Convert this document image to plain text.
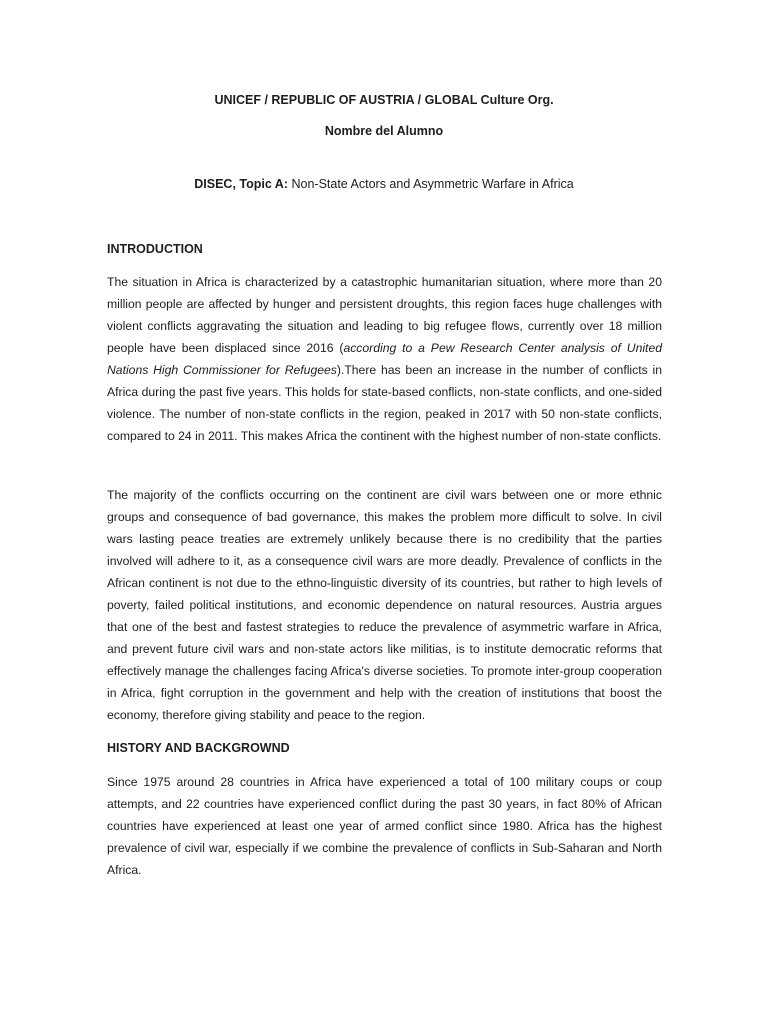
UNICEF / REPUBLIC OF AUSTRIA / GLOBAL Culture Org.
Nombre del Alumno
DISEC, Topic A: Non-State Actors and Asymmetric Warfare in Africa
INTRODUCTION

The situation in Africa is characterized by a catastrophic humanitarian situation, where more than 20 million people are affected by hunger and persistent droughts, this region faces huge challenges with violent conflicts aggravating the situation and leading to big refugee flows, currently over 18 million people have been displaced since 2016 (according to a Pew Research Center analysis of United Nations High Commissioner for Refugees).There has been an increase in the number of conflicts in Africa during the past five years. This holds for state-based conflicts, non-state conflicts, and one-sided violence. The number of non-state conflicts in the region, peaked in 2017 with 50 non-state conflicts, compared to 24 in 2011. This makes Africa the continent with the highest number of non-state conflicts.

The majority of the conflicts occurring on the continent are civil wars between one or more ethnic groups and consequence of bad governance, this makes the problem more difficult to solve. In civil wars lasting peace treaties are extremely unlikely because there is no credibility that the parties involved will adhere to it, as a consequence civil wars are more deadly. Prevalence of conflicts in the African continent is not due to the ethno-linguistic diversity of its countries, but rather to high levels of poverty, failed political institutions, and economic dependence on natural resources. Austria argues that one of the best and fastest strategies to reduce the prevalence of asymmetric warfare in Africa, and prevent future civil wars and non-state actors like militias, is to institute democratic reforms that effectively manage the challenges facing Africa's diverse societies. To promote inter-group cooperation in Africa, fight corruption in the government and help with the creation of institutions that boost the economy, therefore giving stability and peace to the region.

HISTORY AND BACKGROWND

Since 1975 around 28 countries in Africa have experienced a total of 100 military coups or coup attempts, and 22 countries have experienced conflict during the past 30 years, in fact 80% of African countries have experienced at least one year of armed conflict since 1980. Africa has the highest prevalence of civil war, especially if we combine the prevalence of conflicts in Sub-Saharan and North Africa.
